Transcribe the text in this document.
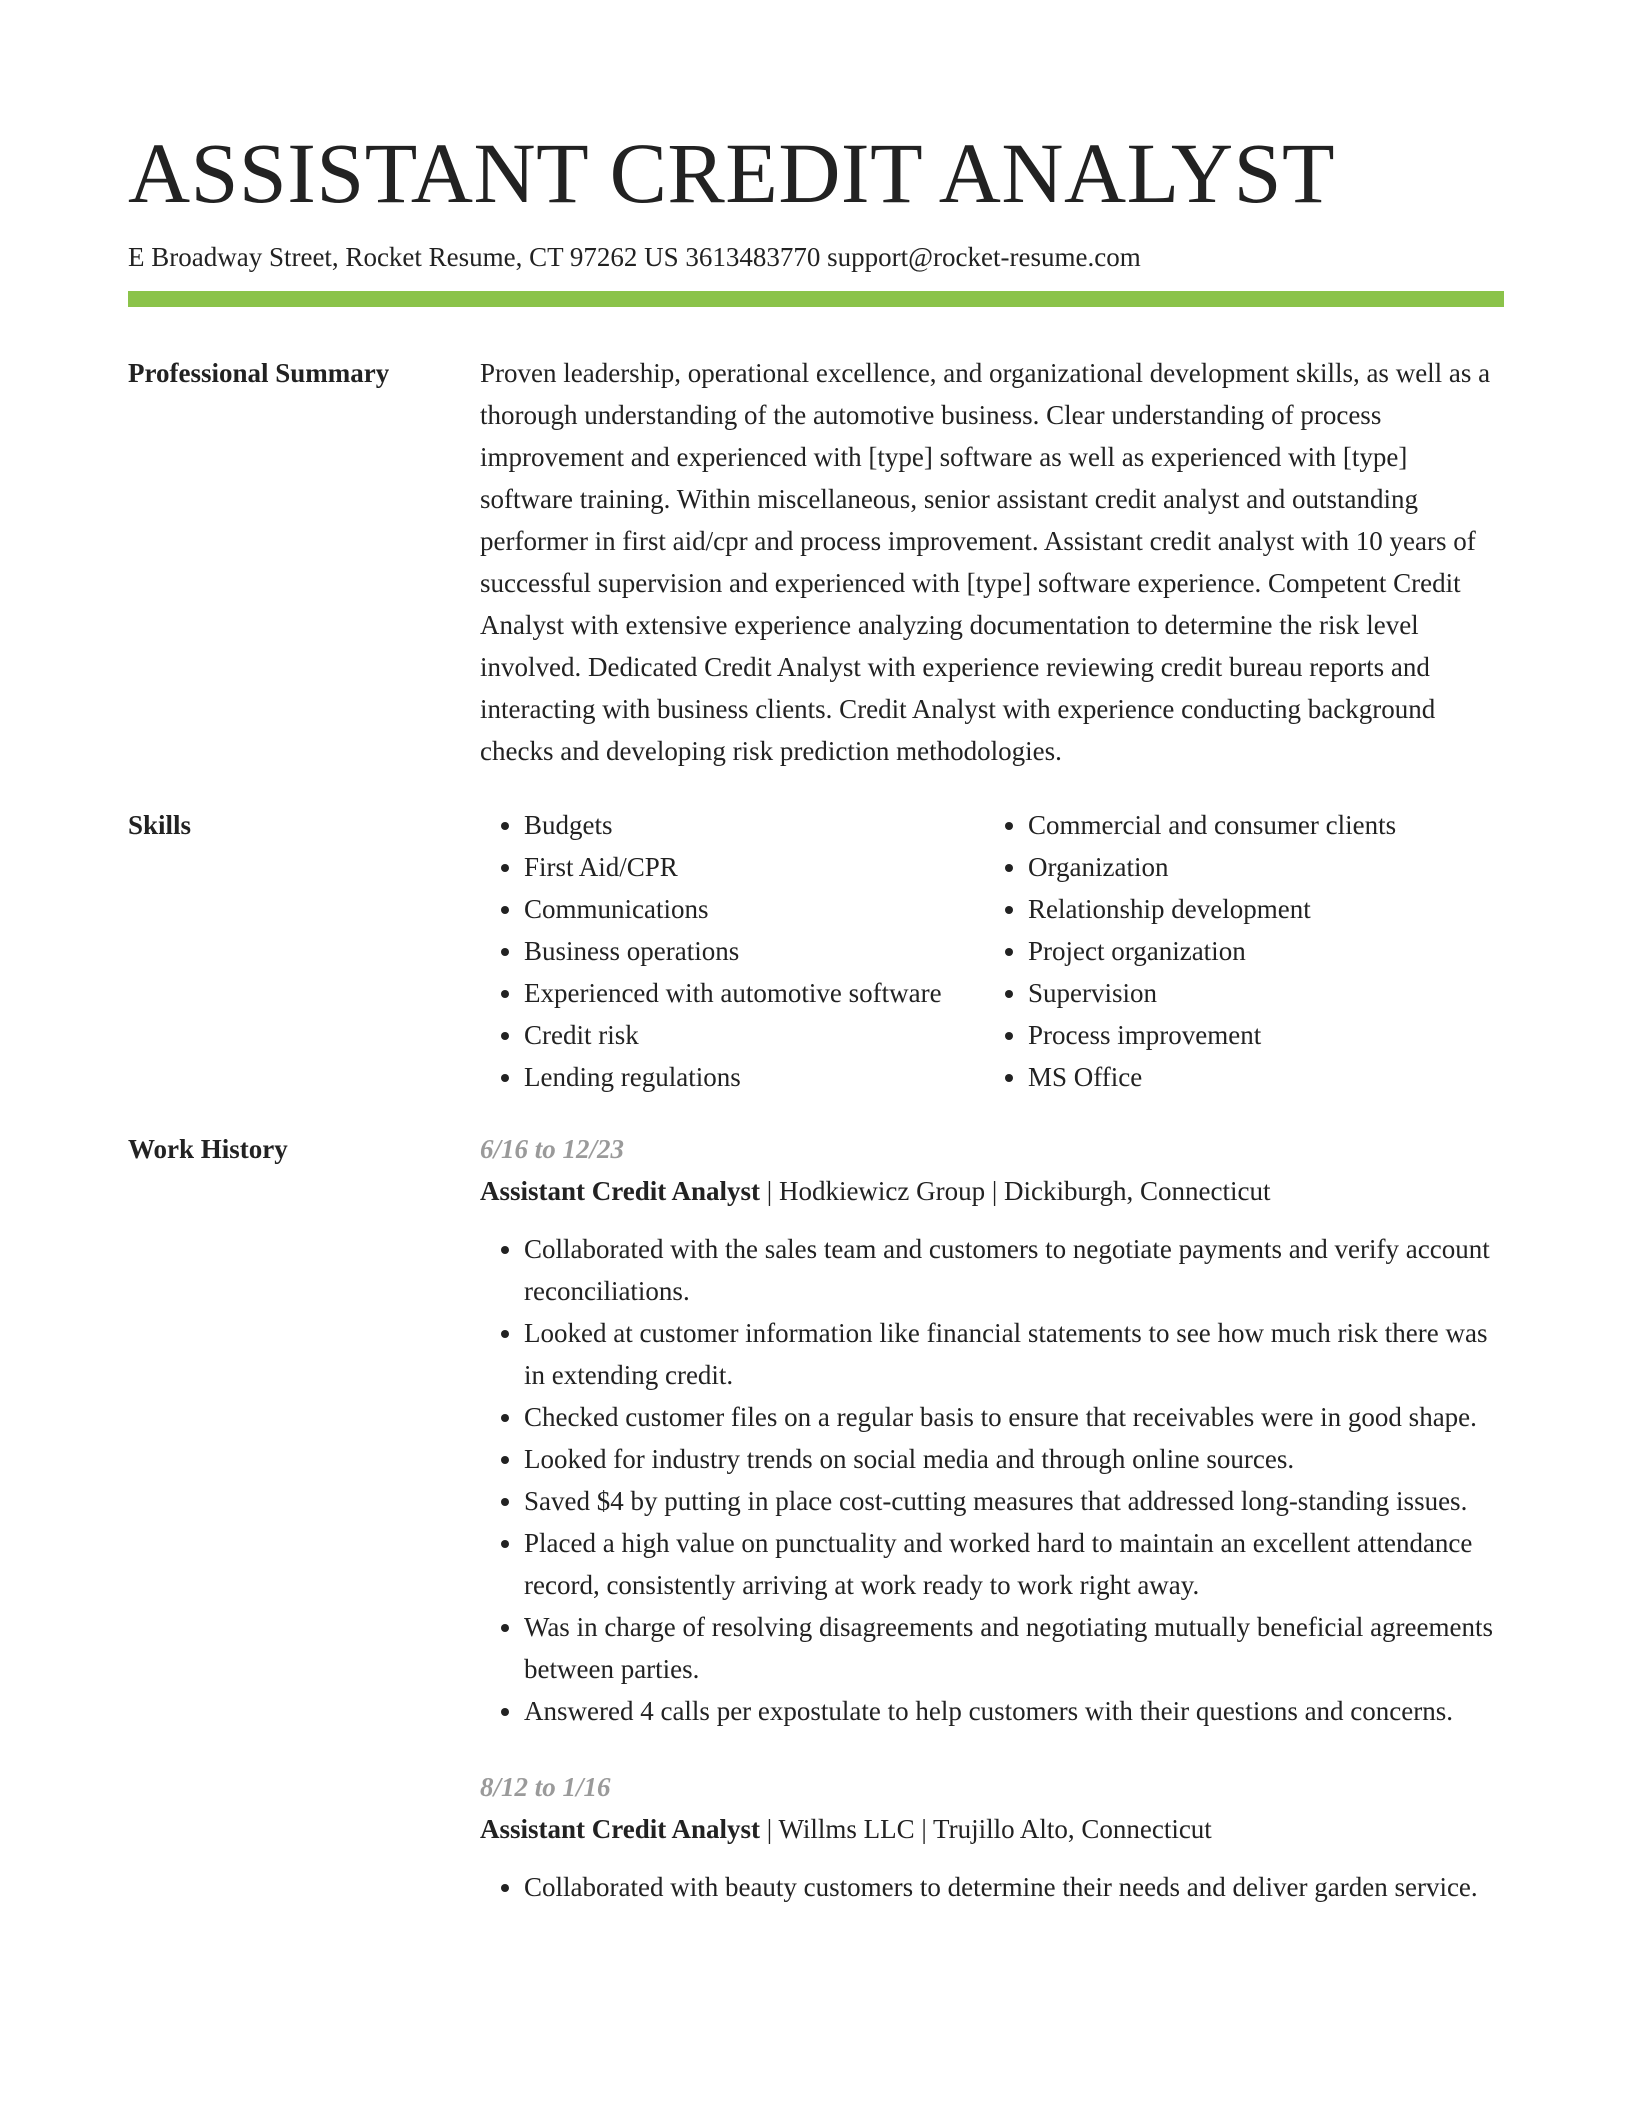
ASSISTANT CREDIT ANALYST
E Broadway Street, Rocket Resume, CT 97262 US 3613483770 support@rocket-resume.com
Professional Summary	Proven leadership, operational excellence, and organizational development skills, as well as a thorough understanding of the automotive business. Clear understanding of process improvement and experienced with [type] software as well as experienced with [type] software training. Within miscellaneous, senior assistant credit analyst and outstanding performer in first aid/cpr and process improvement. Assistant credit analyst with 10 years of successful supervision and experienced with [type] software experience. Competent Credit Analyst with extensive experience analyzing documentation to determine the risk level involved. Dedicated Credit Analyst with experience reviewing credit bureau reports and interacting with business clients. Credit Analyst with experience conducting background checks and developing risk prediction methodologies.

Skills
•	Budgets
• First Aid/CPR
• Communications
• Business operations
• Experienced with automotive software
• Credit risk
• Lending regulations
• Commercial and consumer clients
• Organization
• Relationship development
• Project organization
• Supervision
• Process improvement
• MS Office
Work History	6/16 to 12/23
Assistant Credit Analyst | Hodkiewicz Group | Dickiburgh, Connecticut
• Collaborated with the sales team and customers to negotiate payments and verify account reconciliations.
• Looked at customer information like financial statements to see how much risk there was in extending credit.
• Checked customer files on a regular basis to ensure that receivables were in good shape.
• Looked for industry trends on social media and through online sources.
• Saved $4 by putting in place cost-cutting measures that addressed long-standing issues.
• Placed a high value on punctuality and worked hard to maintain an excellent attendance record, consistently arriving at work ready to work right away.
• Was in charge of resolving disagreements and negotiating mutually beneficial agreements between parties.
• Answered 4 calls per expostulate to help customers with their questions and concerns.
8/12 to 1/16
Assistant Credit Analyst | Willms LLC | Trujillo Alto, Connecticut
• Collaborated with beauty customers to determine their needs and deliver garden service.
